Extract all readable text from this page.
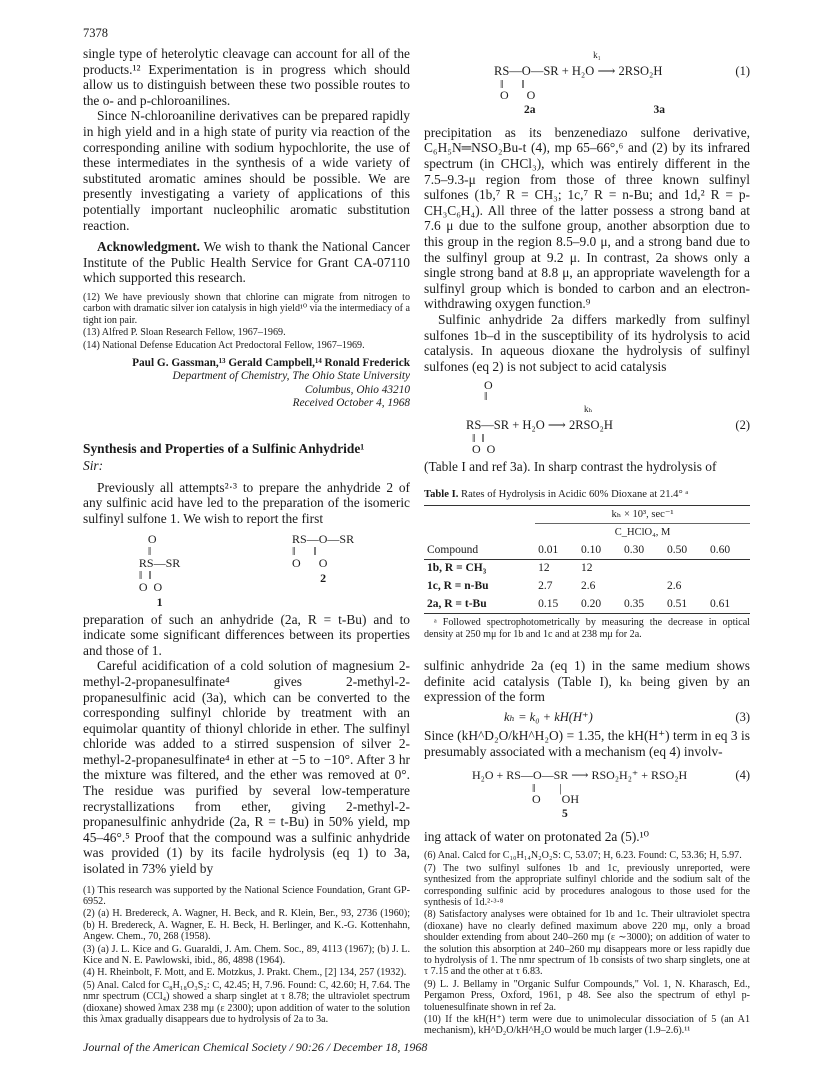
7378

single type of heterolytic cleavage can account for all of the products.¹² Experimentation is in progress which should allow us to distinguish between these two possible routes to the o- and p-chloroanilines.

Since N-chloroaniline derivatives can be prepared rapidly in high yield and in a high state of purity via reaction of the corresponding aniline with sodium hypochlorite, the use of these intermediates in the synthesis of a wide variety of substituted aromatic amines should be possible. We are presently investigating a variety of applications of this potentially important nucleophilic aromatic substitution reaction.

Acknowledgment. We wish to thank the National Cancer Institute of the Public Health Service for Grant CA-07110 which supported this research.

(12) We have previously shown that chlorine can migrate from nitrogen to carbon with dramatic silver ion catalysis in high yield¹⁰ via the intermediacy of a tight ion pair.

(13) Alfred P. Sloan Research Fellow, 1967–1969.

(14) National Defense Education Act Predoctoral Fellow, 1967–1969.

Paul G. Gassman,¹³ Gerald Campbell,¹⁴ Ronald Frederick
Department of Chemistry, The Ohio State University
Columbus, Ohio 43210
Received October 4, 1968
Synthesis and Properties of a Sulfinic Anhydride¹
Sir:

Previously all attempts²·³ to prepare the anhydride 2 of any sulfinic acid have led to the preparation of the isomeric sulfinyl sulfone 1. We wish to report the first

O
‖
RS—SR
‖  ‖
O  O
1
RS—O—SR
‖      ‖
O      O
2

preparation of such an anhydride (2a, R = t-Bu) and to indicate some significant differences between its properties and those of 1.

Careful acidification of a cold solution of magnesium 2-methyl-2-propanesulfinate⁴ gives 2-methyl-2-propanesulfinic acid (3a), which can be converted to the corresponding sulfinyl chloride by treatment with an equimolar quantity of thionyl chloride in ether. The sulfinyl chloride was added to a stirred suspension of silver 2-methyl-2-propanesulfinate⁴ in ether at −5 to −10°. After 3 hr the mixture was filtered, and the ether was removed at 0°. The residue was purified by several low-temperature recrystallizations from ether, giving 2-methyl-2-propanesulfinic anhydride (2a, R = t-Bu) in 50% yield, mp 45–46°.⁵ Proof that the compound was a sulfinic anhydride was provided (1) by its facile hydrolysis (eq 1) to 3a, isolated in 73% yield by

(1) This research was supported by the National Science Foundation, Grant GP-6952.

(2) (a) H. Bredereck, A. Wagner, H. Beck, and R. Klein, Ber., 93, 2736 (1960); (b) H. Bredereck, A. Wagner, E. H. Beck, H. Berlinger, and K.-G. Kottenhahn, Angew. Chem., 70, 268 (1958).

(3) (a) J. L. Kice and G. Guaraldi, J. Am. Chem. Soc., 89, 4113 (1967); (b) J. L. Kice and N. E. Pawlowski, ibid., 86, 4898 (1964).

(4) H. Rheinbolt, F. Mott, and E. Motzkus, J. Prakt. Chem., [2] 134, 257 (1932).

(5) Anal. Calcd for C₈H₁₈O₃S₂: C, 42.45; H, 7.96. Found: C, 42.60; H, 7.64. The nmr spectrum (CCl₄) showed a sharp singlet at τ 8.78; the ultraviolet spectrum (dioxane) showed λmax 238 mμ (ε 2300); upon addition of water to the solution this λmax gradually disappears due to hydrolysis of 2a to 3a.

k₁
RS—O—SR + H₂O ⟶ 2RSO₂H	(1)
‖      ‖
O      O
2a	3a

precipitation as its benzenediazo sulfone derivative, C₆H₅N═NSO₂Bu-t (4), mp 65–66°,⁶ and (2) by its infrared spectrum (in CHCl₃), which was entirely different in the 7.5–9.3-μ region from those of three known sulfinyl sulfones (1b,⁷ R = CH₃; 1c,⁷ R = n-Bu; and 1d,² R = p-CH₃C₆H₄). All three of the latter possess a strong band at 7.6 μ due to the sulfone group, another absorption due to this group in the region 8.5–9.0 μ, and a strong band due to the sulfinyl group at 9.2 μ. In contrast, 2a shows only a single strong band at 8.8 μ, an appropriate wavelength for a sulfinyl group which is bonded to carbon and an electron-withdrawing oxygen function.⁹

Sulfinic anhydride 2a differs markedly from sulfinyl sulfones 1b–d in the susceptibility of its hydrolysis to acid catalysis. In aqueous dioxane the hydrolysis of sulfinyl sulfones (eq 2) is not subject to acid catalysis

O
‖
kₕ
RS—SR + H₂O ⟶ 2RSO₂H	(2)
‖  ‖
O  O

(Table I and ref 3a). In sharp contrast the hydrolysis of

Table I. Rates of Hydrolysis in Acidic 60% Dioxane at 21.4° ᵃ
	kₕ × 10³, sec⁻¹				
	C_HClO₄, M				
Compound	0.01	0.10	0.30	0.50	0.60
1b, R = CH₃	12	12			
1c, R = n-Bu	2.7	2.6		2.6	
2a, R = t-Bu	0.15	0.20	0.35	0.51	0.61

ᵃ Followed spectrophotometrically by measuring the decrease in optical density at 250 mμ for 1b and 1c and at 238 mμ for 2a.

sulfinic anhydride 2a (eq 1) in the same medium shows definite acid catalysis (Table I), kₕ being given by an expression of the form

kₕ = k₀ + kH(H⁺)	(3)

Since (kH^D₂O/kH^H₂O) = 1.35, the kH(H⁺) term in eq 3 is presumably associated with a mechanism (eq 4) involv-

H₂O + RS—O—SR ⟶ RSO₂H₂⁺ + RSO₂H	(4)
‖        |
O       OH
5

ing attack of water on protonated 2a (5).¹⁰

(6) Anal. Calcd for C₁₀H₁₄N₂O₂S: C, 53.07; H, 6.23. Found: C, 53.36; H, 5.97.

(7) The two sulfinyl sulfones 1b and 1c, previously unreported, were synthesized from the appropriate sulfinyl chloride and the sodium salt of the corresponding sulfinic acid by procedures analogous to those used for the synthesis of 1d.²·³·⁸

(8) Satisfactory analyses were obtained for 1b and 1c. Their ultraviolet spectra (dioxane) have no clearly defined maximum above 220 mμ, only a broad shoulder extending from about 240–260 mμ (ε ∼3000); on addition of water to the solution this absorption at 240–260 mμ disappears more or less rapidly due to hydrolysis of 1. The nmr spectrum of 1b consists of two sharp singlets, one at τ 7.15 and the other at τ 6.83.

(9) L. J. Bellamy in "Organic Sulfur Compounds," Vol. 1, N. Kharasch, Ed., Pergamon Press, Oxford, 1961, p 48. See also the spectrum of ethyl p-toluenesulfinate shown in ref 2a.

(10) If the kH(H⁺) term were due to unimolecular dissociation of 5 (an A1 mechanism), kH^D₂O/kH^H₂O would be much larger (1.9–2.6).¹¹

Journal of the American Chemical Society / 90:26 / December 18, 1968
